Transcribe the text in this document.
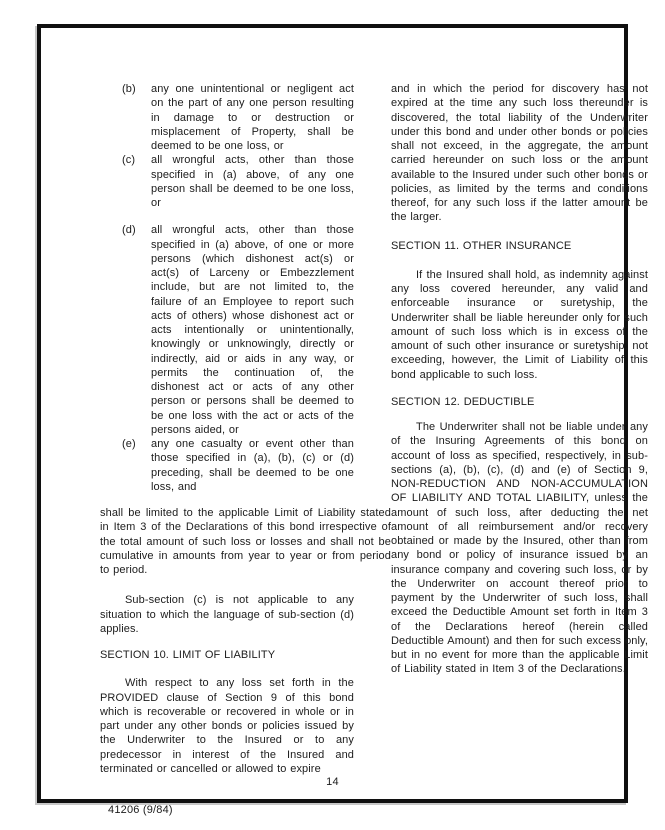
(b) any one unintentional or negligent act on the part of any one person resulting in damage to or destruction or misplacement of Property, shall be deemed to be one loss, or
(c) all wrongful acts, other than those specified in (a) above, of any one person shall be deemed to be one loss, or
(d) all wrongful acts, other than those specified in (a) above, of one or more persons (which dishonest act(s) or act(s) of Larceny or Embezzlement include, but are not limited to, the failure of an Employee to report such acts of others) whose dishonest act or acts intentionally or unintentionally, knowingly or unknowingly, directly or indirectly, aid or aids in any way, or permits the continuation of, the dishonest act or acts of any other person or persons shall be deemed to be one loss with the act or acts of the persons aided, or
(e) any one casualty or event other than those specified in (a), (b), (c) or (d) preceding, shall be deemed to be one loss, and
shall be limited to the applicable Limit of Liability stated in Item 3 of the Declarations of this bond irrespective of the total amount of such loss or losses and shall not be cumulative in amounts from year to year or from period to period.
Sub-section (c) is not applicable to any situation to which the language of sub-section (d) applies.
SECTION 10. LIMIT OF LIABILITY
With respect to any loss set forth in the PROVIDED clause of Section 9 of this bond which is recoverable or recovered in whole or in part under any other bonds or policies issued by the Underwriter to the Insured or to any predecessor in interest of the Insured and terminated or cancelled or allowed to expire
and in which the period for discovery has not expired at the time any such loss thereunder is discovered, the total liability of the Underwriter under this bond and under other bonds or policies shall not exceed, in the aggregate, the amount carried hereunder on such loss or the amount available to the Insured under such other bonds or policies, as limited by the terms and conditions thereof, for any such loss if the latter amount be the larger.
SECTION 11. OTHER INSURANCE
If the Insured shall hold, as indemnity against any loss covered hereunder, any valid and enforceable insurance or suretyship, the Underwriter shall be liable hereunder only for such amount of such loss which is in excess of the amount of such other insurance or suretyship, not exceeding, however, the Limit of Liability of this bond applicable to such loss.
SECTION 12. DEDUCTIBLE
The Underwriter shall not be liable under any of the Insuring Agreements of this bond on account of loss as specified, respectively, in sub-sections (a), (b), (c), (d) and (e) of Section 9, NON-REDUCTION AND NON-ACCUMULATION OF LIABILITY AND TOTAL LIABILITY, unless the amount of such loss, after deducting the net amount of all reimbursement and/or recovery obtained or made by the Insured, other than from any bond or policy of insurance issued by an insurance company and covering such loss, or by the Underwriter on account thereof prior to payment by the Underwriter of such loss, shall exceed the Deductible Amount set forth in Item 3 of the Declarations hereof (herein called Deductible Amount) and then for such excess only, but in no event for more than the applicable Limit of Liability stated in Item 3 of the Declarations.
41206 (9/84)
14
